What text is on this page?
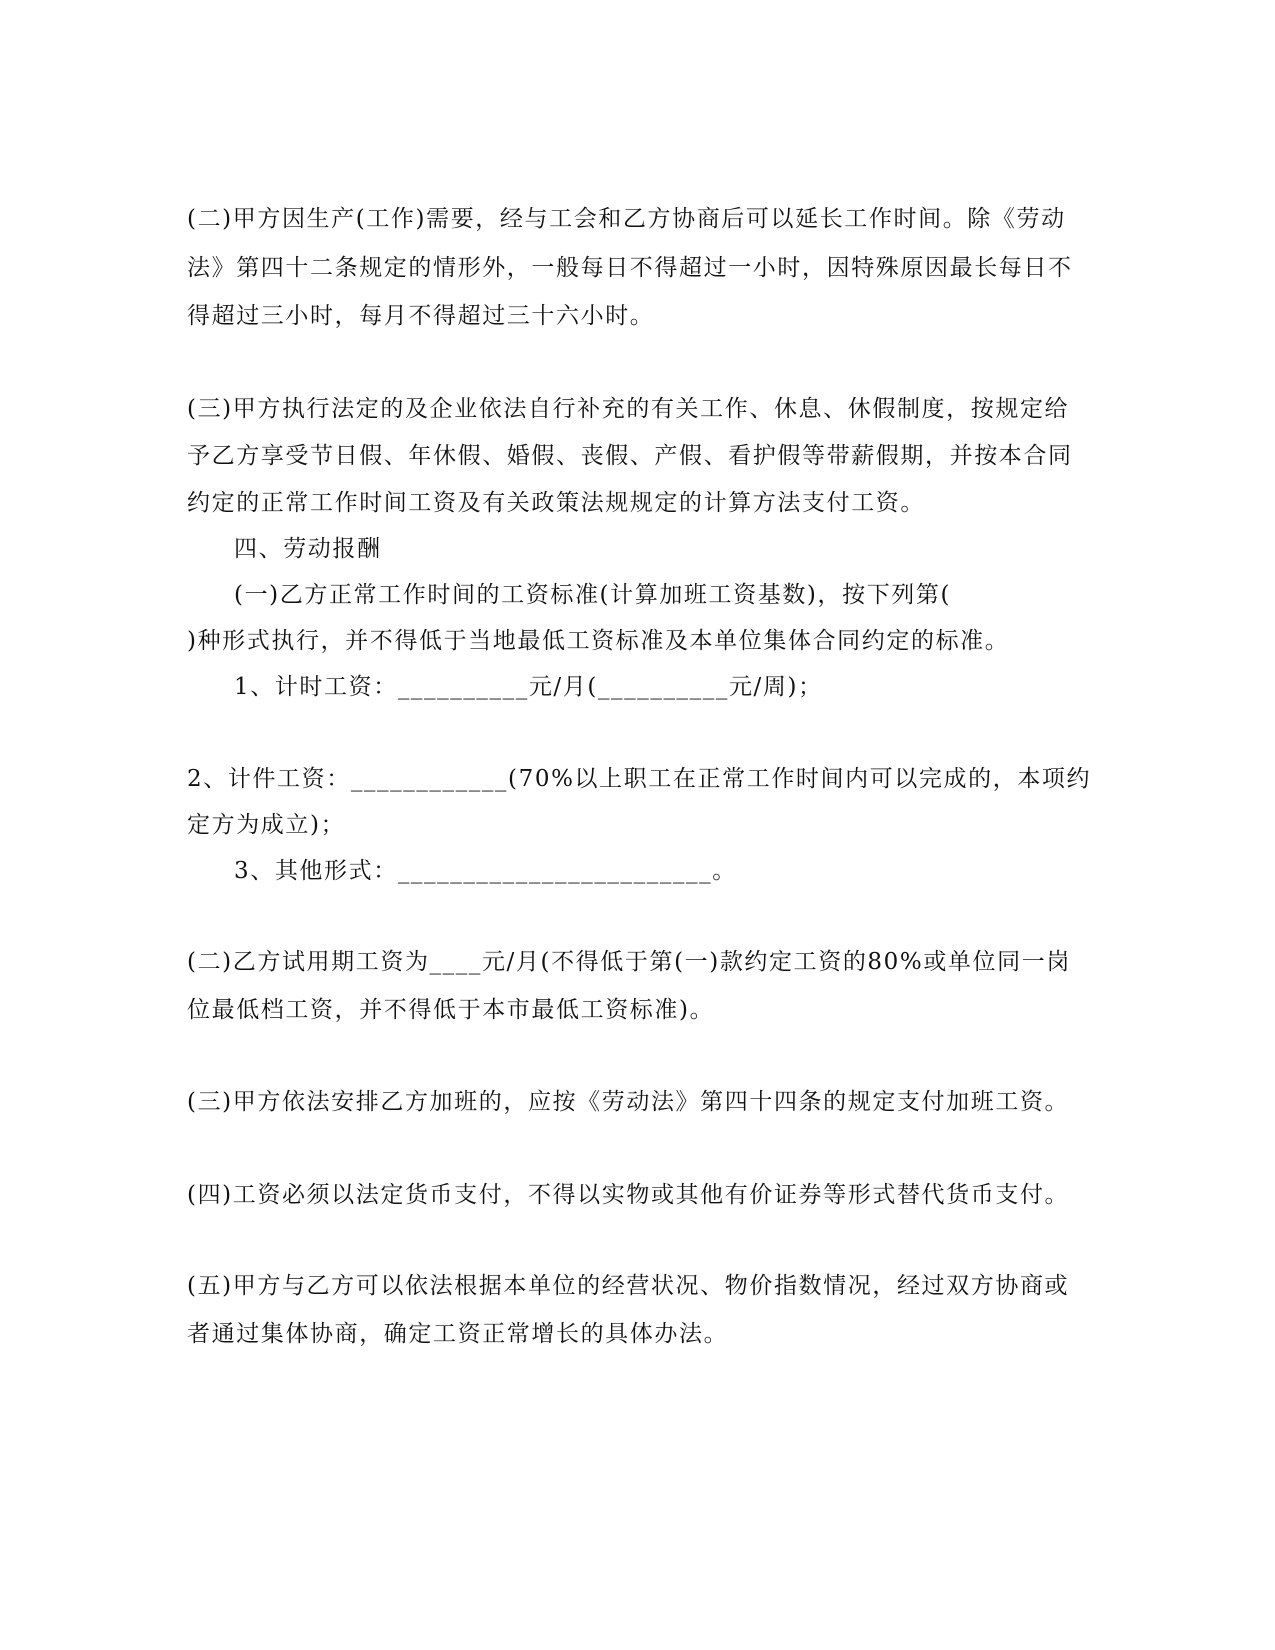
(二)甲方因生产(工作)需要，经与工会和乙方协商后可以延长工作时间。除《劳动
法》第四十二条规定的情形外，一般每日不得超过一小时，因特殊原因最长每日不
得超过三小时，每月不得超过三十六小时。
(三)甲方执行法定的及企业依法自行补充的有关工作、休息、休假制度，按规定给
予乙方享受节日假、年休假、婚假、丧假、产假、看护假等带薪假期，并按本合同
约定的正常工作时间工资及有关政策法规规定的计算方法支付工资。
四、劳动报酬
(一)乙方正常工作时间的工资标准(计算加班工资基数)，按下列第(
)种形式执行，并不得低于当地最低工资标准及本单位集体合同约定的标准。
1、计时工资：__________元/月(__________元/周)；
2、计件工资：____________(70%以上职工在正常工作时间内可以完成的，本项约
定方为成立)；
3、其他形式：________________________。
(二)乙方试用期工资为____元/月(不得低于第(一)款约定工资的80%或单位同一岗
位最低档工资，并不得低于本市最低工资标准)。
(三)甲方依法安排乙方加班的，应按《劳动法》第四十四条的规定支付加班工资。
(四)工资必须以法定货币支付，不得以实物或其他有价证券等形式替代货币支付。
(五)甲方与乙方可以依法根据本单位的经营状况、物价指数情况，经过双方协商或
者通过集体协商，确定工资正常增长的具体办法。
